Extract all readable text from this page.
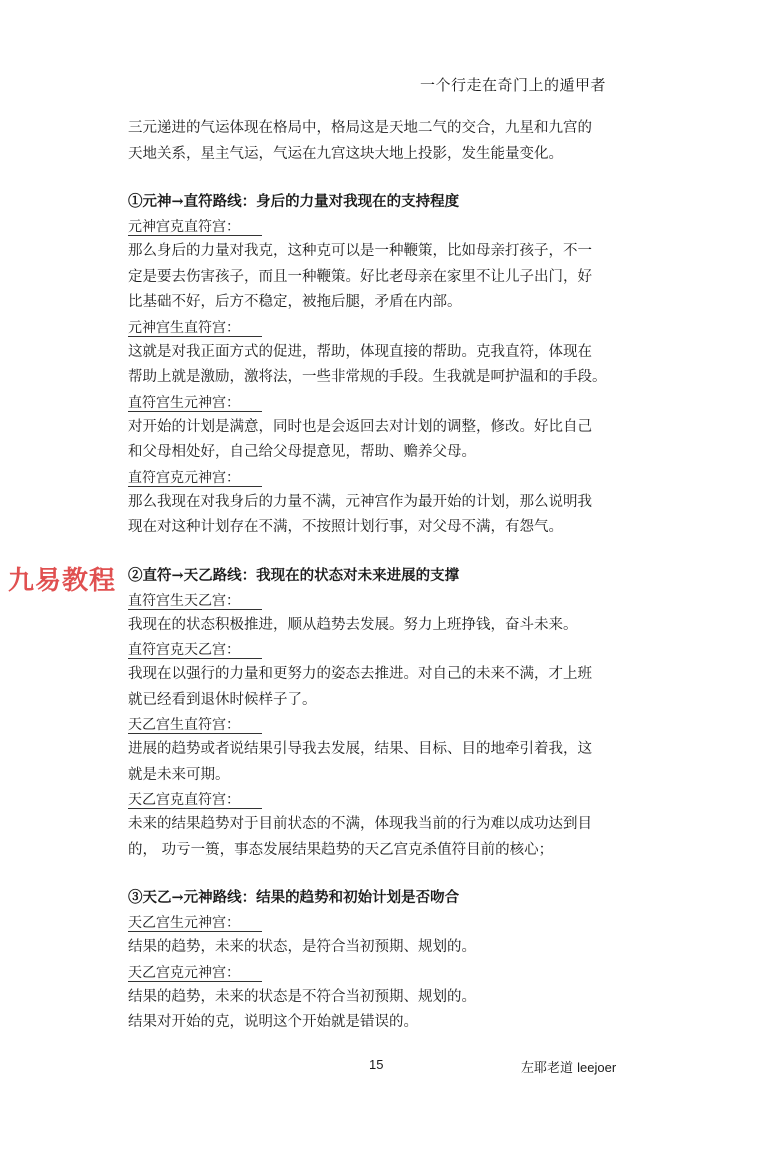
一个行走在奇门上的遁甲者

三元递进的气运体现在格局中，格局这是天地二气的交合，九星和九宫的

天地关系，星主气运，气运在九宫这块大地上投影，发生能量变化。

①元神→直符路线：身后的力量对我现在的支持程度

元神宫克直符宫：

那么身后的力量对我克，这种克可以是一种鞭策，比如母亲打孩子，不一

定是要去伤害孩子，而且一种鞭策。好比老母亲在家里不让儿子出门，好

比基础不好，后方不稳定，被拖后腿，矛盾在内部。

元神宫生直符宫：

这就是对我正面方式的促进，帮助，体现直接的帮助。克我直符，体现在

帮助上就是激励，激将法，一些非常规的手段。生我就是呵护温和的手段。

直符宫生元神宫：

对开始的计划是满意，同时也是会返回去对计划的调整，修改。好比自己

和父母相处好，自己给父母提意见，帮助、赡养父母。

直符宫克元神宫：

那么我现在对我身后的力量不满，元神宫作为最开始的计划，那么说明我

现在对这种计划存在不满，不按照计划行事，对父母不满，有怨气。

②直符→天乙路线：我现在的状态对未来进展的支撑

直符宫生天乙宫：

我现在的状态积极推进，顺从趋势去发展。努力上班挣钱，奋斗未来。

直符宫克天乙宫：

我现在以强行的力量和更努力的姿态去推进。对自己的未来不满，才上班

就已经看到退休时候样子了。

天乙宫生直符宫：

进展的趋势或者说结果引导我去发展，结果、目标、目的地牵引着我，这

就是未来可期。

天乙宫克直符宫：

未来的结果趋势对于目前状态的不满，体现我当前的行为难以成功达到目

的， 功亏一篑，事态发展结果趋势的天乙宫克杀值符目前的核心；

③天乙→元神路线：结果的趋势和初始计划是否吻合

天乙宫生元神宫：

结果的趋势，未来的状态，是符合当初预期、规划的。

天乙宫克元神宫：

结果的趋势，未来的状态是不符合当初预期、规划的。

结果对开始的克，说明这个开始就是错误的。

九易教程
15	左耶老道 leejoer
